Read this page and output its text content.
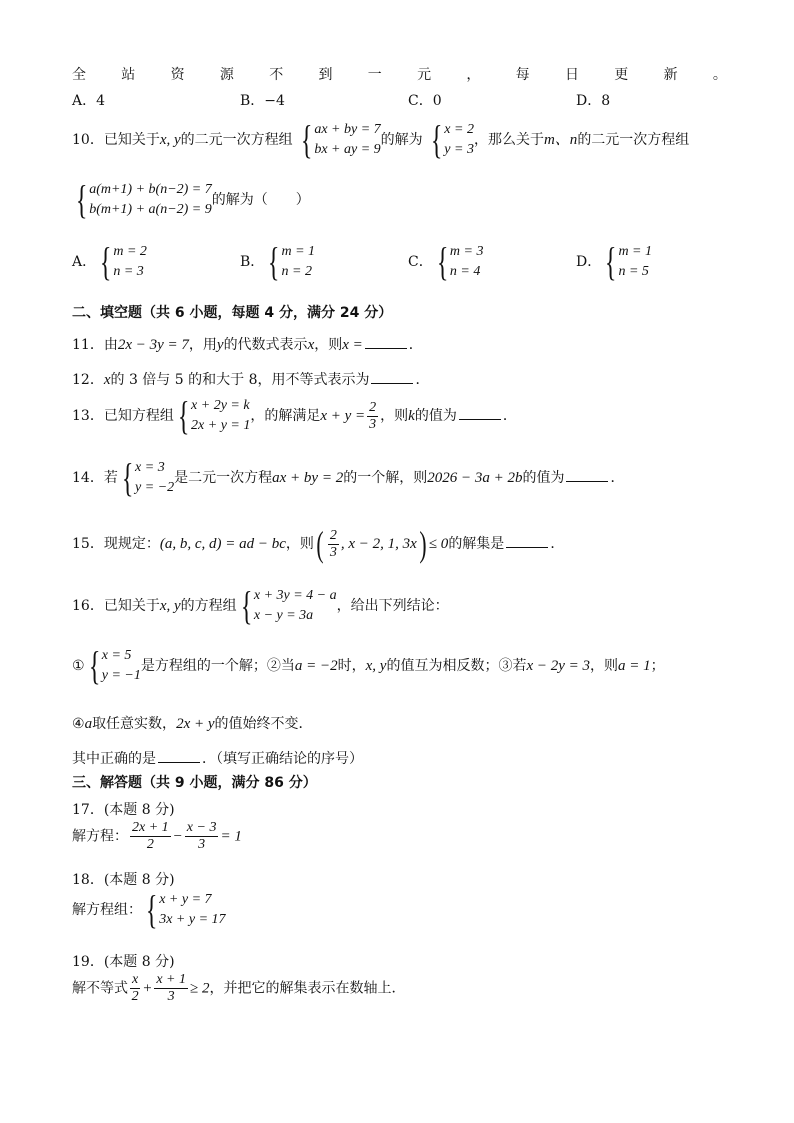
全	站	资	源	不	到	一	元	，	每	日	更	新	。
A．4	B．−4	C．0	D．8
10．已知关于x, y的二元一次方程组 { ax + by = 7
bx + ay = 9
的解为 { x = 2
y = 3
，那么关于m、n的二元一次方程组
{ a(m+1) + b(n−2) = 7
b(m+1) + a(n−2) = 9
的解为（　　）
A． { m = 2
n = 3
B． { m = 1
n = 2
C． { m = 3
n = 4
D． { m = 1
n = 5
二、填空题（共 6 小题，每题 4 分，满分 24 分）
11．由2x − 3y = 7，用y的代数式表示x，则x =	．
12．x的 3 倍与 5 的和大于 8，用不等式表示为	．
13．已知方程组 { x + 2y = k
2x + y = 1
，的解满足$x + y = \frac{2}{3}$ ，则k的值为	．
14．若 { x = 3
y = −2
是二元一次方程ax + by = 2的一个解，则2026 − 3a + 2b的值为	．
15．现规定：(a, b, c, d) = ad − bc，则( $\frac{2}{3}$ , x − 2, 1, 3x) ≤ 0的解集是	．
16．已知关于x, y的方程组 { x + 3y = 4 − a
x − y = 3a
，给出下列结论：
① { x = 5
y = −1
是方程组的一个解；②当a = −2时，x, y的值互为相反数；③若x − 2y = 3，则a = 1；
④a取任意实数，2x + y的值始终不变．
其中正确的是	．（填写正确结论的序号）
三、解答题（共 9 小题，满分 86 分）
17．(本题 8 分)
解方程： $\frac{2x + 1}{2} - \frac{x - 3}{3} = 1$
18．(本题 8 分)
解方程组： { x + y = 7
3x + y = 17
19．(本题 8 分)
解不等式 $\frac{x}{2} + \frac{x + 1}{3} \ge 2$，并把它的解集表示在数轴上．
